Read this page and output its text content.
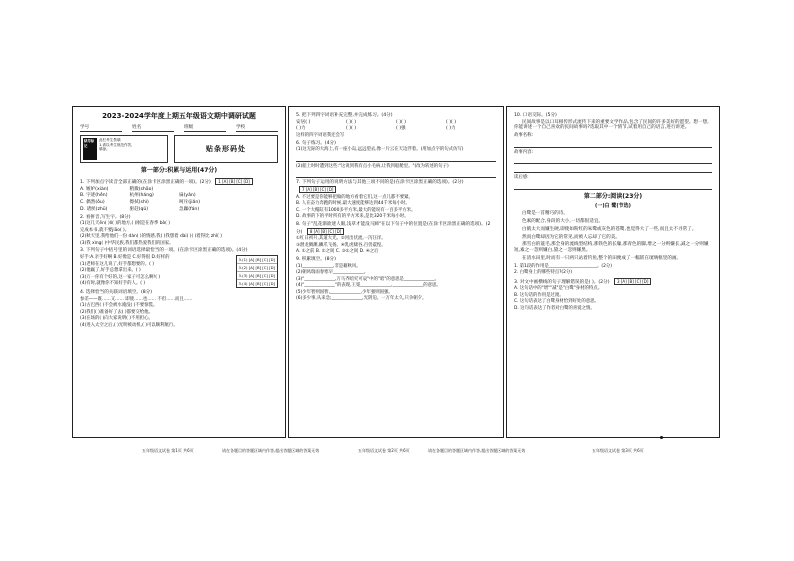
2023-2024学年度上期五年级语文期中调研试题
学号	姓名	班级	学校
缺考标记
此栏考生禁填
1.请以考生规范作答,
填涂。	贴条形码处
第一部分:积累与运用(47分)
1. 下列加点字读音全部正确的(在涂卡区涂黑正确的一项)。(2分) 1 [A] [B] [C] [D]
A. 嫉妒(xiàn)	稍微(shāo)
B. 字迹(hěn)	杭州(háng)	扁(yǎn)
C. 偶然(ǒu)	擦拭(shì)	呵斥(jiǎn)
D. 诸侯(zhū)	驱赶(qǔ)	急躁(fán)
2. 看拼音,写生字。(8分)
(1)这几天ēn( )lí( )的地方,( )刚是在春季 bò( )
完成本书,就不要jiāo( )。
(2)秋天里,我给他们一份 dàn( )的情感,我( )我想着 dài( )( )着得比 zhǐ( )
(3)我 xìng( )中华民族,我们都热爱我们的国家。
3. 下列句子中括号里的词语选择最恰当的一项。(在涂卡区涂黑正确的选项)。(4分)
3.(1) [A] [B] [C] [D]
3.(2) [A] [B] [C] [D]
3.(3) [A] [B] [C] [D]
3.(4) [A] [B] [C] [D]
好手:A.亲手好啊 B.好像是 C.好得很 D.好样的
(1)老师在这儿说了,好手都想要的。( )
(2)他赢了,好手总想拿出来。( )
(3)万一你有个好的,这一家子可怎么啊!( )
(4)有时,就像你不知好手的人。( )
4. 选择恰当的关联词语填空。(8分)
参差——既……又…… 即使……也…… 不但……而且……
(1)古巴西( )不会被水淹没( )不要惊慌。
(2)我们( )准备好了去( )都要交给他。
(3)在场的( )向大家说明( )不用担心。
(4)进入太空之后,( )光明被动机,( )可以顺利航行。
5. 把下列四字词语补充完整,并完成练习。(4分)
安居( )	( )( )	( )( )	( )( )
( )力	( )( )	( )强	( )力
这样的四字词语我还会写
6. 句子练习。(4分)
(1)这无际的大海上,有一座小岛,远远望去,像一片云在天边浮着。(用加点字的句式仿写)
(2)船上时时遭到这些:"这说到我有点小毛病,让我到船舱里。"(改为转述的句子)
7. 下列句子运用的说明方法与其他三项不同的是(在涂卡区涂黑正确的选项)。(2分) 7 [A] [B] [C] [D]
A. 不过要是你能够把做的地方看着它们,这一点儿都不要紧。
B. 人在奋力奔跑的时候,最大速度能够达到44千米每小时。
C. 一个大帽缸有1000多平方米,最大的能说有一百多平方米。
D. 故事的下的平时所有的平方米来,是比320千米每小时。
8. 句子"乱花渐欲迷人眼,浅草才能没马蹄"在以下句子中的位置是(在涂卡区涂黑正确的选项)。(2分) 8 [A] [B] [C] [D]
①红日初升,其道大光。②河出伏流,一泻汪洋。
③潜龙腾渊,鳞爪飞扬。④乳虎啸谷,百兽震惶。
A. ①之前 B. ②之间 C. ③②之间 D. ④之后
9. 积累填空。(8分)
(1)______________,非是藉秋风。
(2)朝风瑞雨春寒早______________。
(3)"______________,万马齐喑究可哀"中的"喑"的意思是______________。
(4)"______________"的表现,王冕______________,______________的意思。
(5)少年智则国智,______________,少年强则国强。
(6)多少事,从来急;______________,光阴迫。一万年太久,只争朝夕。
10. 口语交际。(5分)
民间故事是以口耳相传形式流传下来的重要文学作品,包含了民间的许多美好的愿望。想一想,你能讲述一个自己喜欢的民间故事吗?选取其中一个情节,试着用自己的语言,进行讲述。
故事名称:
故事内容:
读后感:
第二部分:阅读(23分)
(一)白 鹭(节选)
白鹭是一首精巧的诗。
色素的配合,身段的大小,一切都很适宜。
白鹤太大而嫌生硬,即使如粉红的朱鹭或灰色的苍鹭,也觉得大了一些,而且太不寻常了。
然而白鹭却因为它的常见,而被人忘却了它的美。
那雪白的蓑毛,那全身的流线型结构,那铁色的长喙,那青色的脚,增之一分则嫌长,减之一分则嫌短,素之一忽则嫌白,黛之一忽则嫌黑。
在清水田里,时而有一只两只站着钓鱼,整个的田便成了一幅嵌在琉璃框里的画。
1. 第1段的作用是______________________。(2分)
2. 白鹭身上的哪些特点?(2分)
3. 对文中画横线的句子理解错误的是( )。(2分) 3 [A] [B] [C] [D]
A. 这句话中的"增""减"是"白鹭"身材的特点。
B. 这句话的作用是过渡。
C. 这句话表达了白鹭身材恰到好处的意思。
D. 这句话表达了作者对白鹭的喜爱之情。
五年级语文试卷 第1页 共6页	请在各题目的答题区域内作答,超出答题区域的答案无效	五年级语文试卷 第2页 共6页	请在各题目的答题区域内作答,超出答题区域的答案无效	五年级语文试卷 第3页 共6页
